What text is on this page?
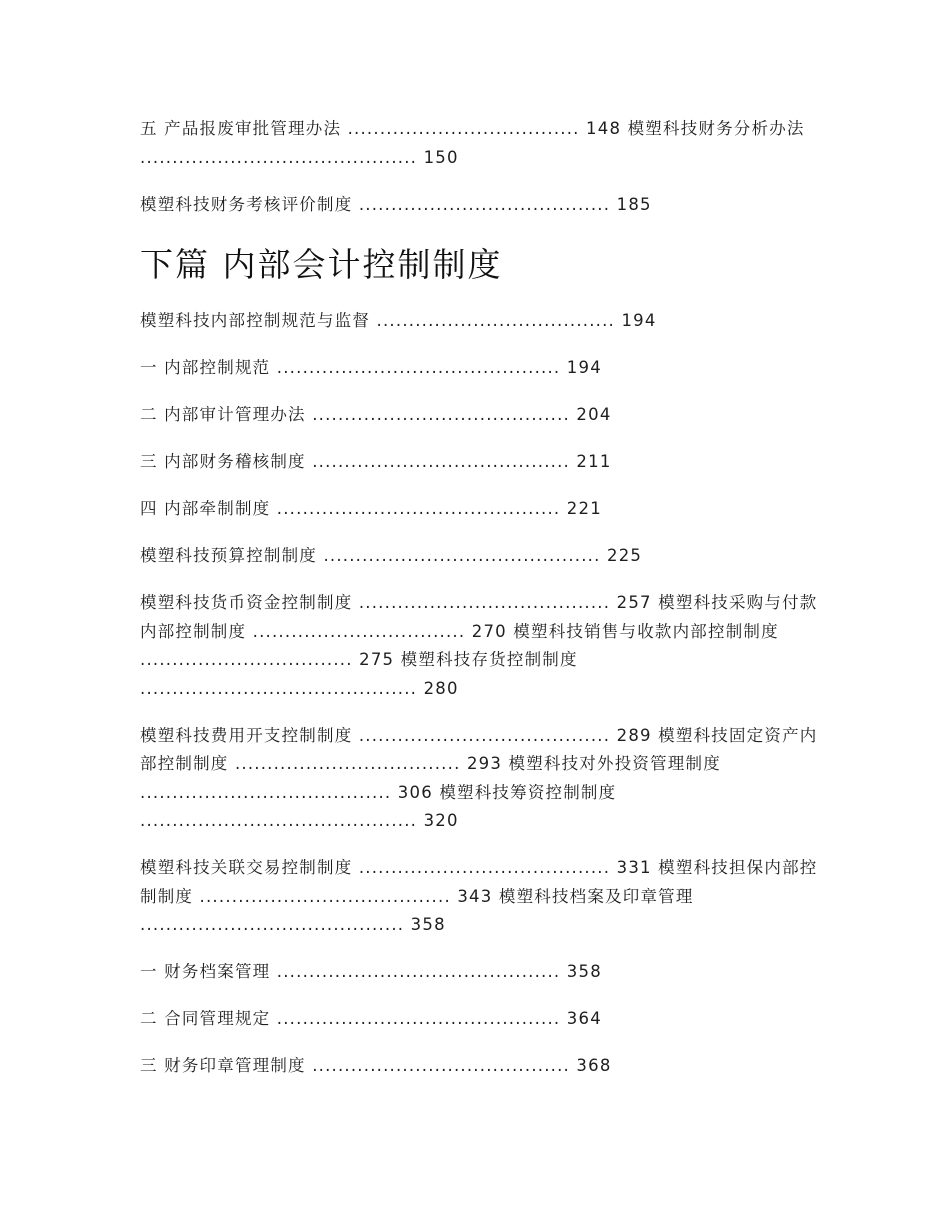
五 产品报废审批管理办法 .................................... 148 模塑科技财务分析办法 ........................................... 150

模塑科技财务考核评价制度 ....................................... 185

下篇 内部会计控制制度

模塑科技内部控制规范与监督 ..................................... 194

一 内部控制规范 ............................................ 194

二 内部审计管理办法 ........................................ 204

三 内部财务稽核制度 ........................................ 211

四 内部牵制制度 ............................................ 221

模塑科技预算控制制度 ........................................... 225

模塑科技货币资金控制制度 ....................................... 257 模塑科技采购与付款内部控制制度 ................................. 270 模塑科技销售与收款内部控制制度 ................................. 275 模塑科技存货控制制度 ........................................... 280

模塑科技费用开支控制制度 ....................................... 289 模塑科技固定资产内部控制制度 ................................... 293 模塑科技对外投资管理制度 ....................................... 306 模塑科技筹资控制制度 ........................................... 320

模塑科技关联交易控制制度 ....................................... 331 模塑科技担保内部控制制度 ....................................... 343 模塑科技档案及印章管理 ......................................... 358

一 财务档案管理 ............................................ 358

二 合同管理规定 ............................................ 364

三 财务印章管理制度 ........................................ 368
